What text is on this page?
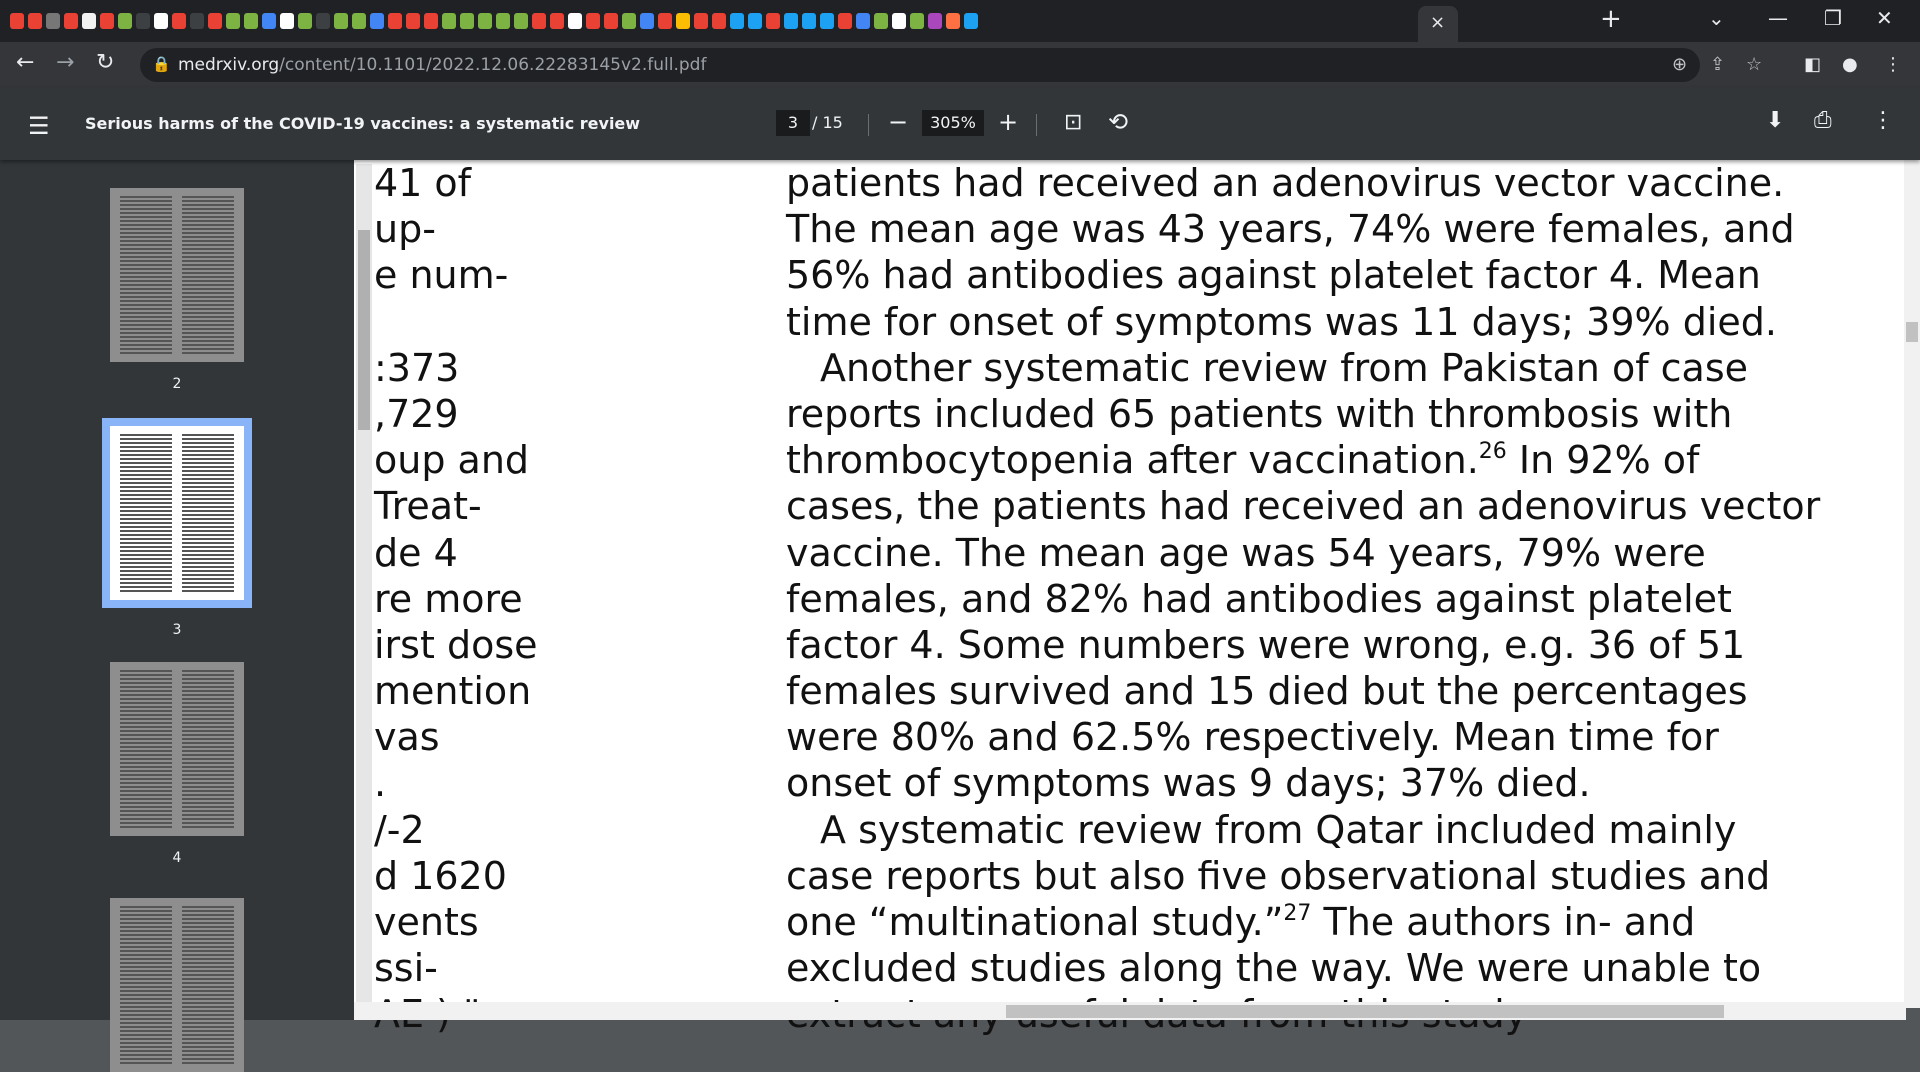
×	+	⌄ — ❐ ✕
← → ↻	🔒 medrxiv.org/content/10.1101/2022.12.06.22283145v2.full.pdf	⊕ ⇪ ☆ ◧ ● ⋮
☰ Serious harms of the COVID-19 vaccines: a systematic review	3 / 15 −	305% + ⊡ ⟲	⬇ ⎙ ⋮
2
3
4
41 of
up-
e num-
:373
,729
oup and
Treat-
de 4
re more
irst dose
mention
vas
.
/-2
d 1620
vents
ssi-
patients had received an adenovirus vector vaccine.
The mean age was 43 years, 74% were females, and
56% had antibodies against platelet factor 4. Mean
time for onset of symptoms was 11 days; 39% died.
Another systematic review from Pakistan of case
reports included 65 patients with thrombosis with
thrombocytopenia after vaccination.$^{26}$ In 92% of
cases, the patients had received an adenovirus vector
vaccine. The mean age was 54 years, 79% were
females, and 82% had antibodies against platelet
factor 4. Some numbers were wrong, e.g. 36 of 51
females survived and 15 died but the percentages
were 80% and 62.5% respectively. Mean time for
onset of symptoms was 9 days; 37% died.
A systematic review from Qatar included mainly
case reports but also five observational studies and
one “multinational study.”$^{27}$ The authors in- and
excluded studies along the way. We were unable to
